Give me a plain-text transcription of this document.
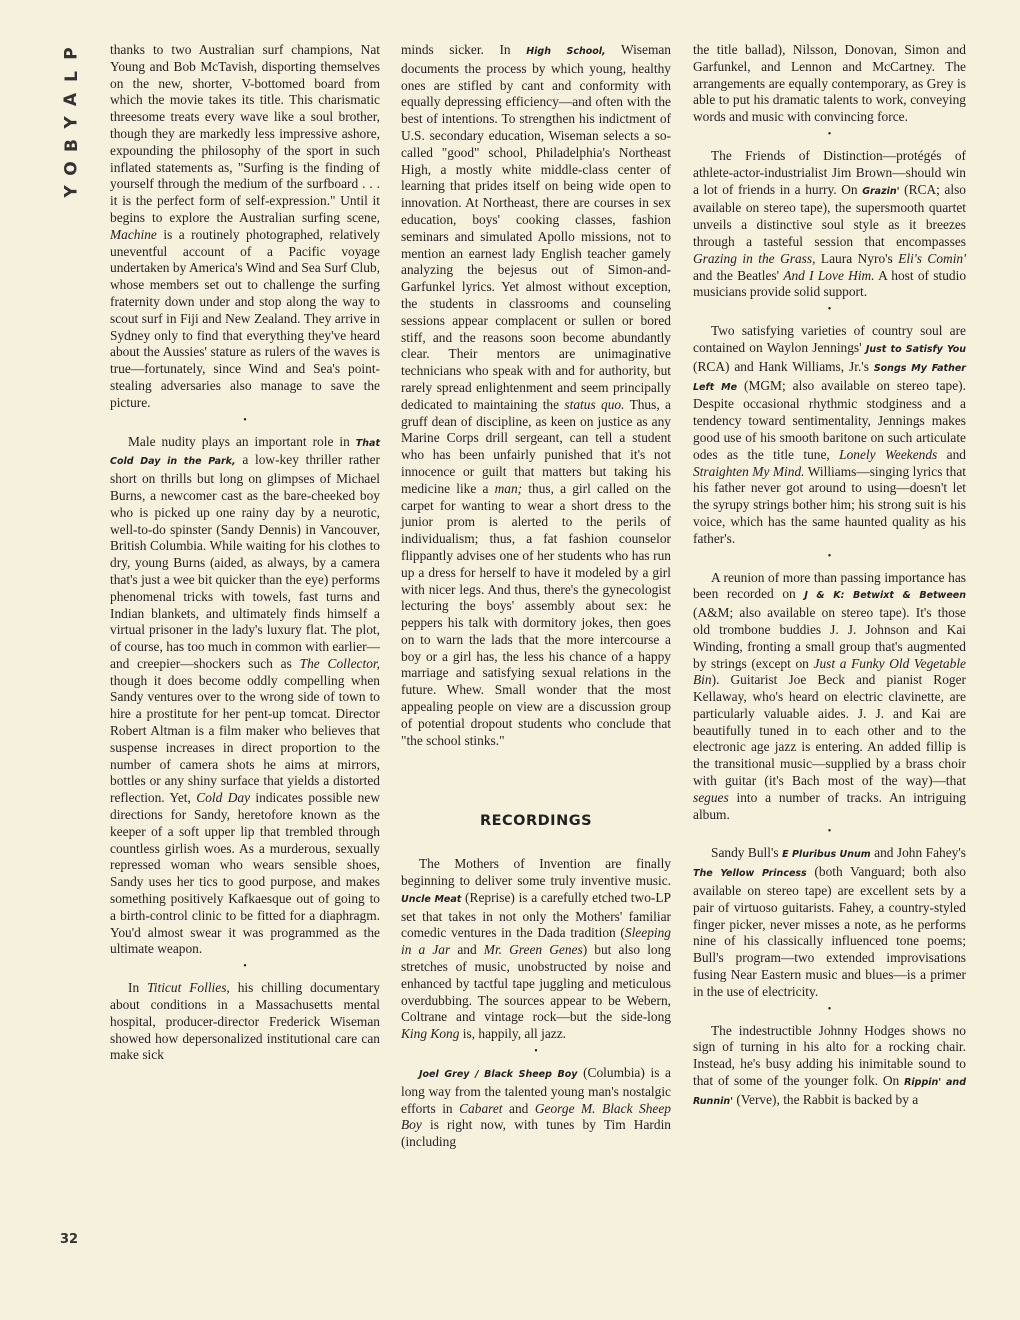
P
L
A
Y
B
O
Y
32

thanks to two Australian surf champions, Nat Young and Bob McTavish, disporting themselves on the new, shorter, V-bottomed board from which the movie takes its title. This charismatic threesome treats every wave like a soul brother, though they are markedly less impressive ashore, expounding the philosophy of the sport in such inflated statements as, "Surfing is the finding of yourself through the medium of the surfboard . . . it is the perfect form of self-expression." Until it begins to explore the Australian surfing scene, Machine is a routinely photographed, relatively uneventful account of a Pacific voyage undertaken by America's Wind and Sea Surf Club, whose members set out to challenge the surfing fraternity down under and stop along the way to scout surf in Fiji and New Zealand. They arrive in Sydney only to find that everything they've heard about the Aussies' stature as rulers of the waves is true—fortunately, since Wind and Sea's point-stealing adversaries also manage to save the picture.

•

Male nudity plays an important role in That Cold Day in the Park, a low-key thriller rather short on thrills but long on glimpses of Michael Burns, a newcomer cast as the bare-cheeked boy who is picked up one rainy day by a neurotic, well-to-do spinster (Sandy Dennis) in Vancouver, British Columbia. While waiting for his clothes to dry, young Burns (aided, as always, by a camera that's just a wee bit quicker than the eye) performs phenomenal tricks with towels, fast turns and Indian blankets, and ultimately finds himself a virtual prisoner in the lady's luxury flat. The plot, of course, has too much in common with earlier—and creepier—shockers such as The Collector, though it does become oddly compelling when Sandy ventures over to the wrong side of town to hire a prostitute for her pent-up tomcat. Director Robert Altman is a film maker who believes that suspense increases in direct proportion to the number of camera shots he aims at mirrors, bottles or any shiny surface that yields a distorted reflection. Yet, Cold Day indicates possible new directions for Sandy, heretofore known as the keeper of a soft upper lip that trembled through countless girlish woes. As a murderous, sexually repressed woman who wears sensible shoes, Sandy uses her tics to good purpose, and makes something positively Kafkaesque out of going to a birth-control clinic to be fitted for a diaphragm. You'd almost swear it was programmed as the ultimate weapon.

•

In Titicut Follies, his chilling documentary about conditions in a Massachusetts mental hospital, producer-director Frederick Wiseman showed how depersonalized institutional care can make sick

minds sicker. In High School, Wiseman documents the process by which young, healthy ones are stifled by cant and conformity with equally depressing efficiency—and often with the best of intentions. To strengthen his indictment of U.S. secondary education, Wiseman selects a so-called "good" school, Philadelphia's Northeast High, a mostly white middle-class center of learning that prides itself on being wide open to innovation. At Northeast, there are courses in sex education, boys' cooking classes, fashion seminars and simulated Apollo missions, not to mention an earnest lady English teacher gamely analyzing the bejesus out of Simon-and-Garfunkel lyrics. Yet almost without exception, the students in classrooms and counseling sessions appear complacent or sullen or bored stiff, and the reasons soon become abundantly clear. Their mentors are unimaginative technicians who speak with and for authority, but rarely spread enlightenment and seem principally dedicated to maintaining the status quo. Thus, a gruff dean of discipline, as keen on justice as any Marine Corps drill sergeant, can tell a student who has been unfairly punished that it's not innocence or guilt that matters but taking his medicine like a man; thus, a girl called on the carpet for wanting to wear a short dress to the junior prom is alerted to the perils of individualism; thus, a fat fashion counselor flippantly advises one of her students who has run up a dress for herself to have it modeled by a girl with nicer legs. And thus, there's the gynecologist lecturing the boys' assembly about sex: he peppers his talk with dormitory jokes, then goes on to warn the lads that the more intercourse a boy or a girl has, the less his chance of a happy marriage and satisfying sexual relations in the future. Whew. Small wonder that the most appealing people on view are a discussion group of potential dropout students who conclude that "the school stinks."

RECORDINGS

The Mothers of Invention are finally beginning to deliver some truly inventive music. Uncle Meat (Reprise) is a carefully etched two-LP set that takes in not only the Mothers' familiar comedic ventures in the Dada tradition (Sleeping in a Jar and Mr. Green Genes) but also long stretches of music, unobstructed by noise and enhanced by tactful tape juggling and meticulous overdubbing. The sources appear to be Webern, Coltrane and vintage rock—but the side-long King Kong is, happily, all jazz.

•

Joel Grey / Black Sheep Boy (Columbia) is a long way from the talented young man's nostalgic efforts in Cabaret and George M. Black Sheep Boy is right now, with tunes by Tim Hardin (including

the title ballad), Nilsson, Donovan, Simon and Garfunkel, and Lennon and McCartney. The arrangements are equally contemporary, as Grey is able to put his dramatic talents to work, conveying words and music with convincing force.

•

The Friends of Distinction—protégés of athlete-actor-industrialist Jim Brown—should win a lot of friends in a hurry. On Grazin' (RCA; also available on stereo tape), the supersmooth quartet unveils a distinctive soul style as it breezes through a tasteful session that encompasses Grazing in the Grass, Laura Nyro's Eli's Comin' and the Beatles' And I Love Him. A host of studio musicians provide solid support.

•

Two satisfying varieties of country soul are contained on Waylon Jennings' Just to Satisfy You (RCA) and Hank Williams, Jr.'s Songs My Father Left Me (MGM; also available on stereo tape). Despite occasional rhythmic stodginess and a tendency toward sentimentality, Jennings makes good use of his smooth baritone on such articulate odes as the title tune, Lonely Weekends and Straighten My Mind. Williams—singing lyrics that his father never got around to using—doesn't let the syrupy strings bother him; his strong suit is his voice, which has the same haunted quality as his father's.

•

A reunion of more than passing importance has been recorded on J & K: Betwixt & Between (A&M; also available on stereo tape). It's those old trombone buddies J. J. Johnson and Kai Winding, fronting a small group that's augmented by strings (except on Just a Funky Old Vegetable Bin). Guitarist Joe Beck and pianist Roger Kellaway, who's heard on electric clavinette, are particularly valuable aides. J. J. and Kai are beautifully tuned in to each other and to the electronic age jazz is entering. An added fillip is the transitional music—supplied by a brass choir with guitar (it's Bach most of the way)—that segues into a number of tracks. An intriguing album.

•

Sandy Bull's E Pluribus Unum and John Fahey's The Yellow Princess (both Vanguard; both also available on stereo tape) are excellent sets by a pair of virtuoso guitarists. Fahey, a country-styled finger picker, never misses a note, as he performs nine of his classically influenced tone poems; Bull's program—two extended improvisations fusing Near Eastern music and blues—is a primer in the use of electricity.

•

The indestructible Johnny Hodges shows no sign of turning in his alto for a rocking chair. Instead, he's busy adding his inimitable sound to that of some of the younger folk. On Rippin' and Runnin' (Verve), the Rabbit is backed by a
